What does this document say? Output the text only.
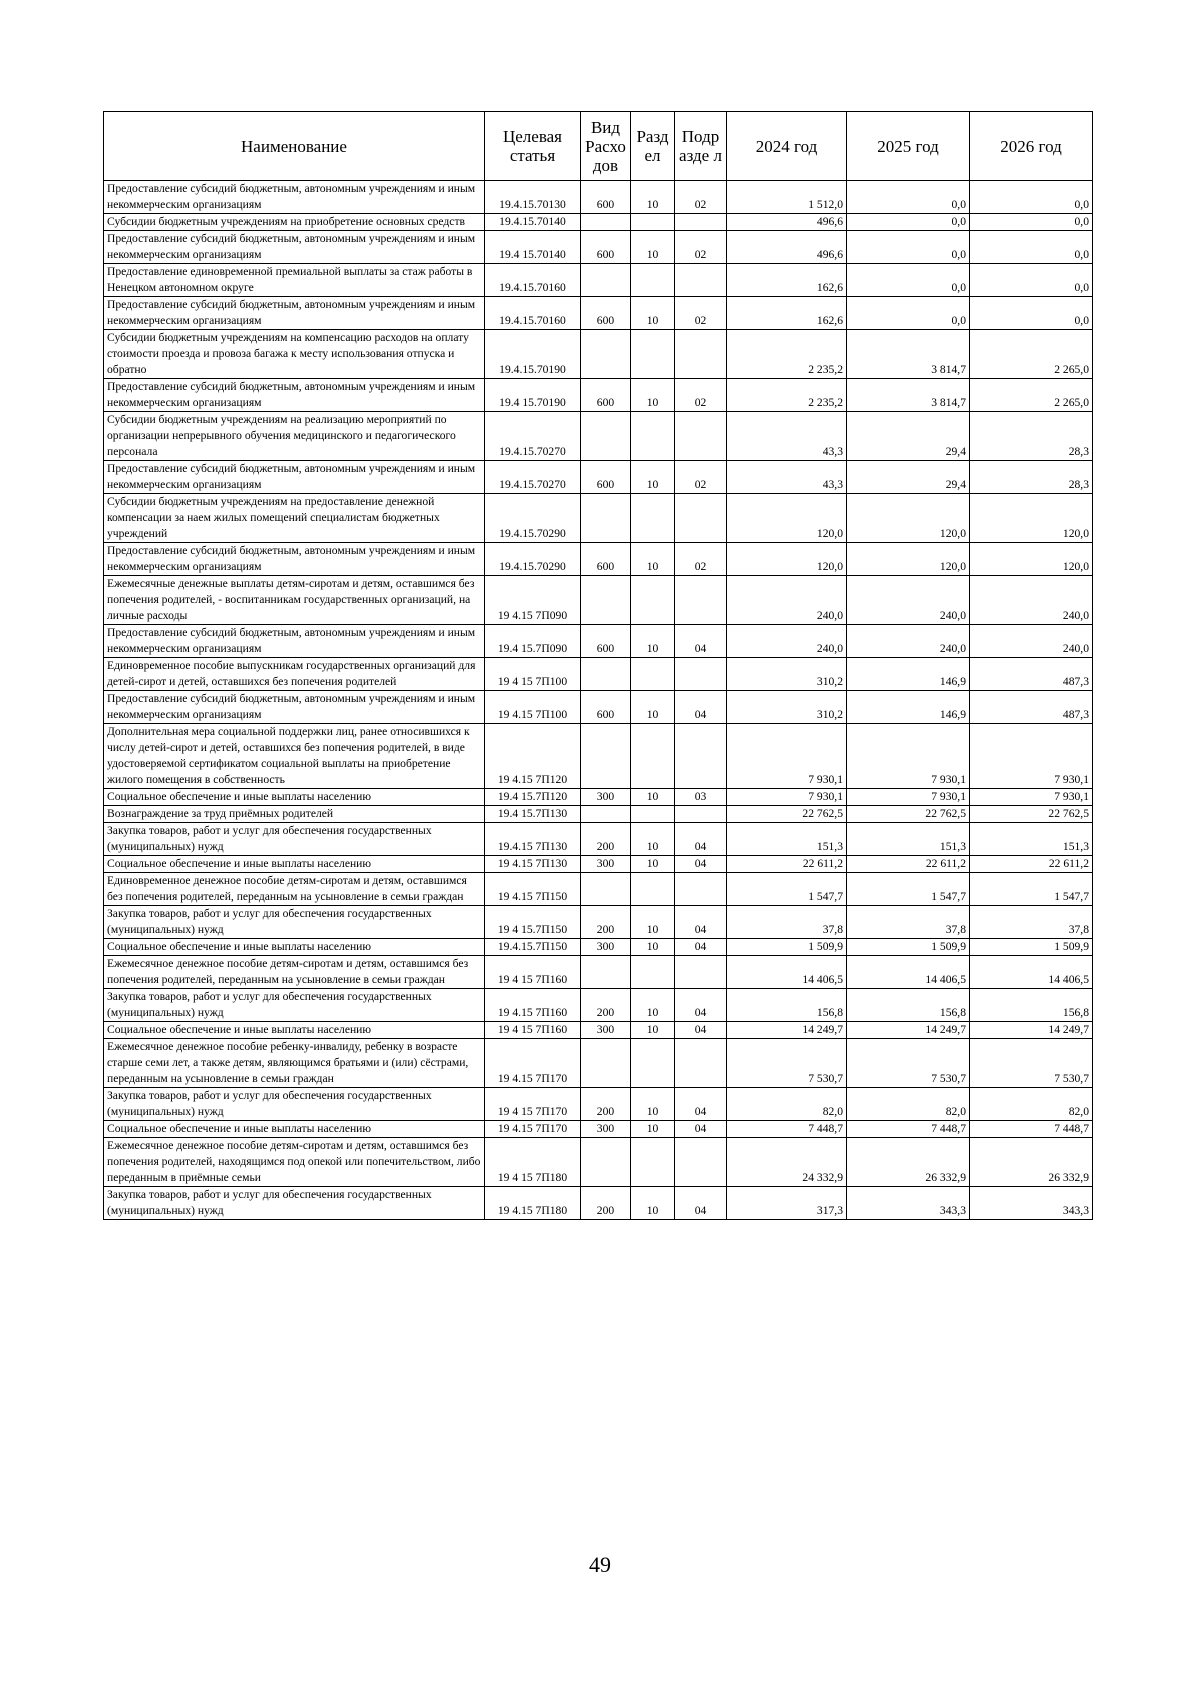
Наименование	Целевая статья	Вид Расхо дов	Разд ел	Подр азде л	2024 год	2025 год	2026 год
Предоставление субсидий бюджетным, автономным учреждениям и иным некоммерческим организациям	19.4.15.70130	600	10	02	1 512,0	0,0	0,0
Субсидии бюджетным учреждениям на приобретение основных средств	19.4.15.70140				496,6	0,0	0,0
Предоставление субсидий бюджетным, автономным учреждениям и иным некоммерческим организациям	19.4 15.70140	600	10	02	496,6	0,0	0,0
Предоставление единовременной премиальной выплаты за стаж работы в Ненецком автономном округе	19.4.15.70160				162,6	0,0	0,0
Предоставление субсидий бюджетным, автономным учреждениям и иным некоммерческим организациям	19.4.15.70160	600	10	02	162,6	0,0	0,0
Субсидии бюджетным учреждениям на компенсацию расходов на оплату стоимости проезда и провоза багажа к месту использования отпуска и обратно	19.4.15.70190				2 235,2	3 814,7	2 265,0
Предоставление субсидий бюджетным, автономным учреждениям и иным некоммерческим организациям	19.4 15.70190	600	10	02	2 235,2	3 814,7	2 265,0
Субсидии бюджетным учреждениям на реализацию мероприятий по организации непрерывного обучения медицинского и педагогического персонала	19.4.15.70270				43,3	29,4	28,3
Предоставление субсидий бюджетным, автономным учреждениям и иным некоммерческим организациям	19.4.15.70270	600	10	02	43,3	29,4	28,3
Субсидии бюджетным учреждениям на предоставление денежной компенсации за наем жилых помещений специалистам бюджетных учреждений	19.4.15.70290				120,0	120,0	120,0
Предоставление субсидий бюджетным, автономным учреждениям и иным некоммерческим организациям	19.4.15.70290	600	10	02	120,0	120,0	120,0
Ежемесячные денежные выплаты детям-сиротам и детям, оставшимся без попечения родителей, - воспитанникам государственных организаций, на личные расходы	19 4.15 7П090				240,0	240,0	240,0
Предоставление субсидий бюджетным, автономным учреждениям и иным некоммерческим организациям	19.4 15.7П090	600	10	04	240,0	240,0	240,0
Единовременное пособие выпускникам государственных организаций для детей-сирот и детей, оставшихся без попечения родителей	19 4 15 7П100				310,2	146,9	487,3
Предоставление субсидий бюджетным, автономным учреждениям и иным некоммерческим организациям	19 4.15 7П100	600	10	04	310,2	146,9	487,3
Дополнительная мера социальной поддержки лиц, ранее относившихся к числу детей-сирот и детей, оставшихся без попечения родителей, в виде удостоверяемой сертификатом социальной выплаты на приобретение жилого помещения в собственность	19 4.15 7П120				7 930,1	7 930,1	7 930,1
Социальное обеспечение и иные выплаты населению	19.4 15.7П120	300	10	03	7 930,1	7 930,1	7 930,1
Вознаграждение за труд приёмных родителей	19.4 15.7П130				22 762,5	22 762,5	22 762,5
Закупка товаров, работ и услуг для обеспечения государственных (муниципальных) нужд	19.4.15 7П130	200	10	04	151,3	151,3	151,3
Социальное обеспечение и иные выплаты населению	19 4.15 7П130	300	10	04	22 611,2	22 611,2	22 611,2
Единовременное денежное пособие детям-сиротам и детям, оставшимся без попечения родителей, переданным на усыновление в семьи граждан	19 4.15 7П150				1 547,7	1 547,7	1 547,7
Закупка товаров, работ и услуг для обеспечения государственных (муниципальных) нужд	19 4 15.7П150	200	10	04	37,8	37,8	37,8
Социальное обеспечение и иные выплаты населению	19.4.15.7П150	300	10	04	1 509,9	1 509,9	1 509,9
Ежемесячное денежное пособие детям-сиротам и детям, оставшимся без попечения родителей, переданным на усыновление в семьи граждан	19 4 15 7П160				14 406,5	14 406,5	14 406,5
Закупка товаров, работ и услуг для обеспечения государственных (муниципальных) нужд	19 4.15 7П160	200	10	04	156,8	156,8	156,8
Социальное обеспечение и иные выплаты населению	19 4 15 7П160	300	10	04	14 249,7	14 249,7	14 249,7
Ежемесячное денежное пособие ребенку-инвалиду, ребенку в возрасте старше семи лет, а также детям, являющимся братьями и (или) сёстрами, переданным на усыновление в семьи граждан	19 4.15 7П170				7 530,7	7 530,7	7 530,7
Закупка товаров, работ и услуг для обеспечения государственных (муниципальных) нужд	19 4 15 7П170	200	10	04	82,0	82,0	82,0
Социальное обеспечение и иные выплаты населению	19 4.15 7П170	300	10	04	7 448,7	7 448,7	7 448,7
Ежемесячное денежное пособие детям-сиротам и детям, оставшимся без попечения родителей, находящимся под опекой или попечительством, либо переданным в приёмные семьи	19 4 15 7П180				24 332,9	26 332,9	26 332,9
Закупка товаров, работ и услуг для обеспечения государственных (муниципальных) нужд	19 4.15 7П180	200	10	04	317,3	343,3	343,3
49
